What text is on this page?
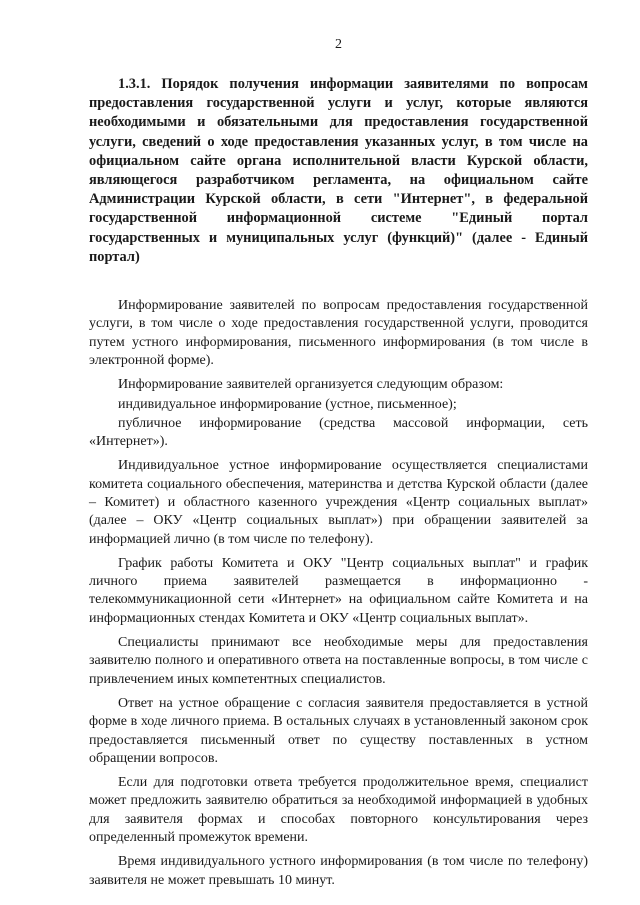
2

1.3.1. Порядок получения информации заявителями по вопросам предоставления государственной услуги и услуг, которые являются необходимыми и обязательными для предоставления государственной услуги, сведений о ходе предоставления указанных услуг, в том числе на официальном сайте органа исполнительной власти Курской области, являющегося разработчиком регламента, на официальном сайте Администрации Курской области, в сети "Интернет", в федеральной государственной информационной системе "Единый портал государственных и муниципальных услуг (функций)" (далее - Единый портал)

Информирование заявителей по вопросам предоставления государственной услуги, в том числе о ходе предоставления государственной услуги, проводится путем устного информирования, письменного информирования (в том числе в электронной форме).

Информирование заявителей организуется следующим образом:

индивидуальное информирование (устное, письменное);

публичное информирование (средства массовой информации, сеть «Интернет»).

Индивидуальное устное информирование осуществляется специалистами комитета социального обеспечения, материнства и детства Курской области (далее – Комитет) и областного казенного учреждения «Центр социальных выплат» (далее – ОКУ «Центр социальных выплат») при обращении заявителей за информацией лично (в том числе по телефону).

График работы Комитета и ОКУ "Центр социальных выплат" и график личного приема заявителей размещается в информационно - телекоммуникационной сети «Интернет» на официальном сайте Комитета и на информационных стендах Комитета и ОКУ «Центр социальных выплат».

Специалисты принимают все необходимые меры для предоставления заявителю полного и оперативного ответа на поставленные вопросы, в том числе с привлечением иных компетентных специалистов.

Ответ на устное обращение с согласия заявителя предоставляется в устной форме в ходе личного приема. В остальных случаях в установленный законом срок предоставляется письменный ответ по существу поставленных в устном обращении вопросов.

Если для подготовки ответа требуется продолжительное время, специалист может предложить заявителю обратиться за необходимой информацией в удобных для заявителя формах и способах повторного консультирования через определенный промежуток времени.

Время индивидуального устного информирования (в том числе по телефону) заявителя не может превышать 10 минут.
